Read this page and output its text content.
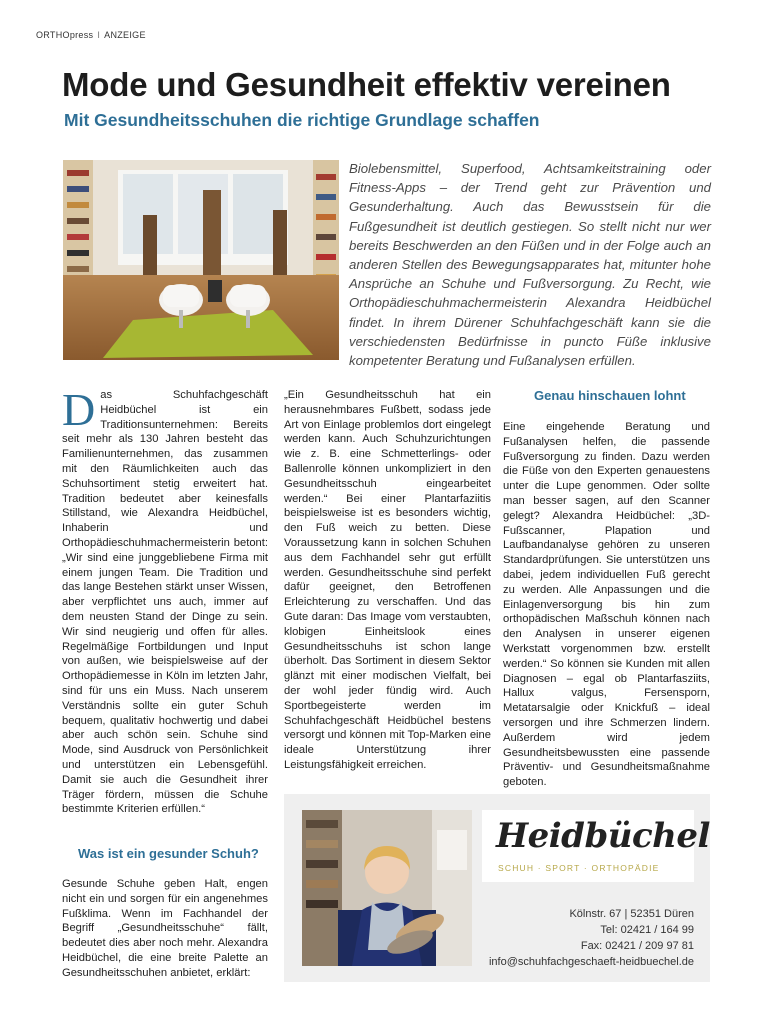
ORTHOpress I ANZEIGE
Mode und Gesundheit effektiv vereinen
Mit Gesundheitsschuhen die richtige Grundlage schaffen

Biolebensmittel, Superfood, Achtsamkeitstraining oder Fitness-Apps – der Trend geht zur Prävention und Gesunderhaltung. Auch das Bewusstsein für die Fußgesundheit ist deutlich gestiegen. So stellt nicht nur wer bereits Beschwerden an den Füßen und in der Folge auch an anderen Stellen des Bewegungsapparates hat, mitunter hohe Ansprüche an Schuhe und Fußversorgung. Zu Recht, wie Orthopädieschuhmachermeisterin Alexandra Heidbüchel findet. In ihrem Dürener Schuhfachgeschäft kann sie die verschiedensten Bedürfnisse in puncto Füße inklusive kompetenter Beratung und Fußanalysen erfüllen.

Das Schuhfachgeschäft Heidbüchel ist ein Traditionsunternehmen: Bereits seit mehr als 130 Jahren besteht das Familienunternehmen, das zusammen mit den Räumlichkeiten auch das Schuhsortiment stetig erweitert hat. Tradition bedeutet aber keinesfalls Stillstand, wie Alexandra Heidbüchel, Inhaberin und Orthopädieschuhmachermeisterin betont: „Wir sind eine junggebliebene Firma mit einem jungen Team. Die Tradition und das lange Bestehen stärkt unser Wissen, aber verpflichtet uns auch, immer auf dem neusten Stand der Dinge zu sein. Wir sind neugierig und offen für alles. Regelmäßige Fortbildungen und Input von außen, wie beispielsweise auf der Orthopädiemesse in Köln im letzten Jahr, sind für uns ein Muss. Nach unserem Verständnis sollte ein guter Schuh bequem, qualitativ hochwertig und dabei aber auch schön sein. Schuhe sind Mode, sind Ausdruck von Persönlichkeit und unterstützen ein Lebensgefühl. Damit sie auch die Gesundheit ihrer Träger fördern, müssen die Schuhe bestimmte Kriterien erfüllen.“

Was ist ein gesunder Schuh?

Gesunde Schuhe geben Halt, engen nicht ein und sorgen für ein angenehmes Fußklima. Wenn im Fachhandel der Begriff „Gesundheitsschuhe“ fällt, bedeutet dies aber noch mehr. Alexandra Heidbüchel, die eine breite Palette an Gesundheitsschuhen anbietet, erklärt:

„Ein Gesundheitsschuh hat ein herausnehmbares Fußbett, sodass jede Art von Einlage problemlos dort eingelegt werden kann. Auch Schuhzurichtungen wie z. B. eine Schmetterlings- oder Ballenrolle können unkompliziert in den Gesundheitsschuh eingearbeitet werden.“ Bei einer Plantarfaziitis beispielsweise ist es besonders wichtig, den Fuß weich zu betten. Diese Voraussetzung kann in solchen Schuhen aus dem Fachhandel sehr gut erfüllt werden. Gesundheitsschuhe sind perfekt dafür geeignet, den Betroffenen Erleichterung zu verschaffen. Und das Gute daran: Das Image vom verstaubten, klobigen Einheitslook eines Gesundheitsschuhs ist schon lange überholt. Das Sortiment in diesem Sektor glänzt mit einer modischen Vielfalt, bei der wohl jeder fündig wird. Auch Sportbegeisterte werden im Schuhfachgeschäft Heidbüchel bestens versorgt und können mit Top-Marken eine ideale Unterstützung ihrer Leistungsfähigkeit erreichen.

Genau hinschauen lohnt

Eine eingehende Beratung und Fußanalysen helfen, die passende Fußversorgung zu finden. Dazu werden die Füße von den Experten genauestens unter die Lupe genommen. Oder sollte man besser sagen, auf den Scanner gelegt? Alexandra Heidbüchel: „3D-Fußscanner, Plapation und Laufbandanalyse gehören zu unseren Standardprüfungen. Sie unterstützen uns dabei, jedem individuellen Fuß gerecht zu werden. Alle Anpassungen und die Einlagenversorgung bis hin zum orthopädischen Maßschuh können nach den Analysen in unserer eigenen Werkstatt vorgenommen bzw. erstellt werden.“ So können sie Kunden mit allen Diagnosen – egal ob Plantarfasziits, Hallux valgus, Fersensporn, Metatarsalgie oder Knickfuß – ideal versorgen und ihre Schmerzen lindern. Außerdem wird jedem Gesundheitsbewussten eine passende Präventiv- und Gesundheitsmaßnahme geboten.

Heidbüchel
SCHUH · SPORT · ORTHOPÄDIE
Kölnstr. 67 | 52351 Düren
Tel: 02421 / 164 99
Fax: 02421 / 209 97 81
info@schuhfachgeschaeft-heidbuechel.de
